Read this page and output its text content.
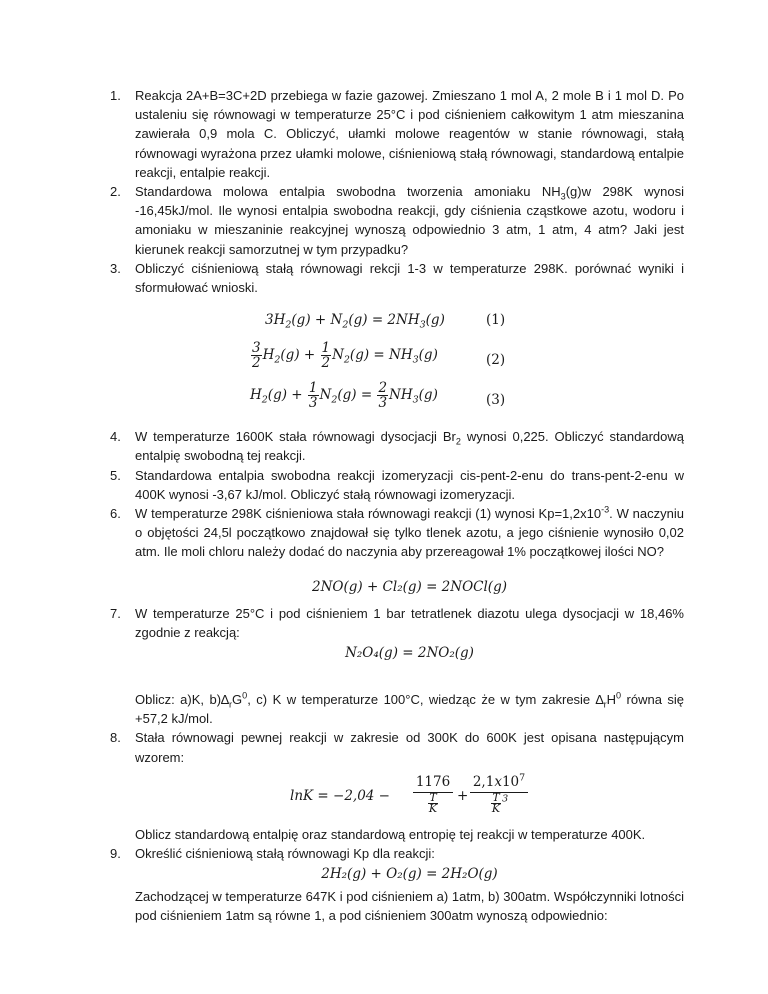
1. Reakcja 2A+B=3C+2D przebiega w fazie gazowej. Zmieszano 1 mol A, 2 mole B i 1 mol D. Po ustaleniu się równowagi w temperaturze 25°C i pod ciśnieniem całkowitym 1 atm mieszanina zawierała 0,9 mola C. Obliczyć, ułamki molowe reagentów w stanie równowagi, stałą równowagi wyrażona przez ułamki molowe, ciśnieniową stałą równowagi, standardową entalpie reakcji, entalpie reakcji.
2. Standardowa molowa entalpia swobodna tworzenia amoniaku $NH_3(g)w$ 298K wynosi -16,45kJ/mol. Ile wynosi entalpia swobodna reakcji, gdy ciśnienia cząstkowe azotu, wodoru i amoniaku w mieszaninie reakcyjnej wynoszą odpowiednio 3 atm, 1 atm, 4 atm? Jaki jest kierunek reakcji samorzutnej w tym przypadku?
3. Obliczyć ciśnieniową stałą równowagi rekcji 1-3 w temperaturze 298K. porównać wyniki i sformułować wnioski.
$3H_2(g) + N_2(g) = 2NH_3(g)$	(1)
$\frac{3}{2} H_2(g) + \frac{1}{2} N_2(g) = NH_3(g)$	(2)
$H_2(g) + \frac{1}{3} N_2(g) = \frac{2}{3} NH_3(g)$	(3)
4. W temperaturze 1600K stała równowagi dysocjacji $Br_2$ wynosi 0,225. Obliczyć standardową entalpię swobodną tej reakcji.
5. Standardowa entalpia swobodna reakcji izomeryzacji cis-pent-2-enu do trans-pent-2-enu w 400K wynosi -3,67 kJ/mol. Obliczyć stałą równowagi izomeryzacji.
6. W temperaturze 298K ciśnieniowa stała równowagi reakcji (1) wynosi $Kp=1,2x10^{-3}$. W naczyniu o objętości 24,5l początkowo znajdował się tylko tlenek azotu, a jego ciśnienie wynosiło 0,02 atm. Ile moli chloru należy dodać do naczynia aby przereagował 1% początkowej ilości NO?
2NO(g) + Cl₂(g) = 2NOCl(g)
7. W temperaturze 25°C i pod ciśnieniem 1 bar tetratlenek diazotu ulega dysocjacji w 18,46% zgodnie z reakcją:
N₂O₄(g) = 2NO₂(g)
Oblicz: a)K, $b)\Delta_rG^0$, c) K w temperaturze 100°C, wiedząc że w tym zakresie $\Delta_rH^0$ równa się +57,2 kJ/mol.
8. Stała równowagi pewnej reakcji w zakresie od 300K do 600K jest opisana następującym wzorem:
lnK = −2,04 −
1176
$\frac{T}{K}$ +
$2,1x10^7$
$\frac{T}{K} ^3$
Oblicz standardową entalpię oraz standardową entropię tej reakcji w temperaturze 400K.
9. Określić ciśnieniową stałą równowagi Kp dla reakcji:
2H₂(g) + O₂(g) = 2H₂O(g)
Zachodzącej w temperaturze 647K i pod ciśnieniem a) 1atm, b) 300atm. Współczynniki lotności pod ciśnieniem 1atm są równe 1, a pod ciśnieniem 300atm wynoszą odpowiednio:
